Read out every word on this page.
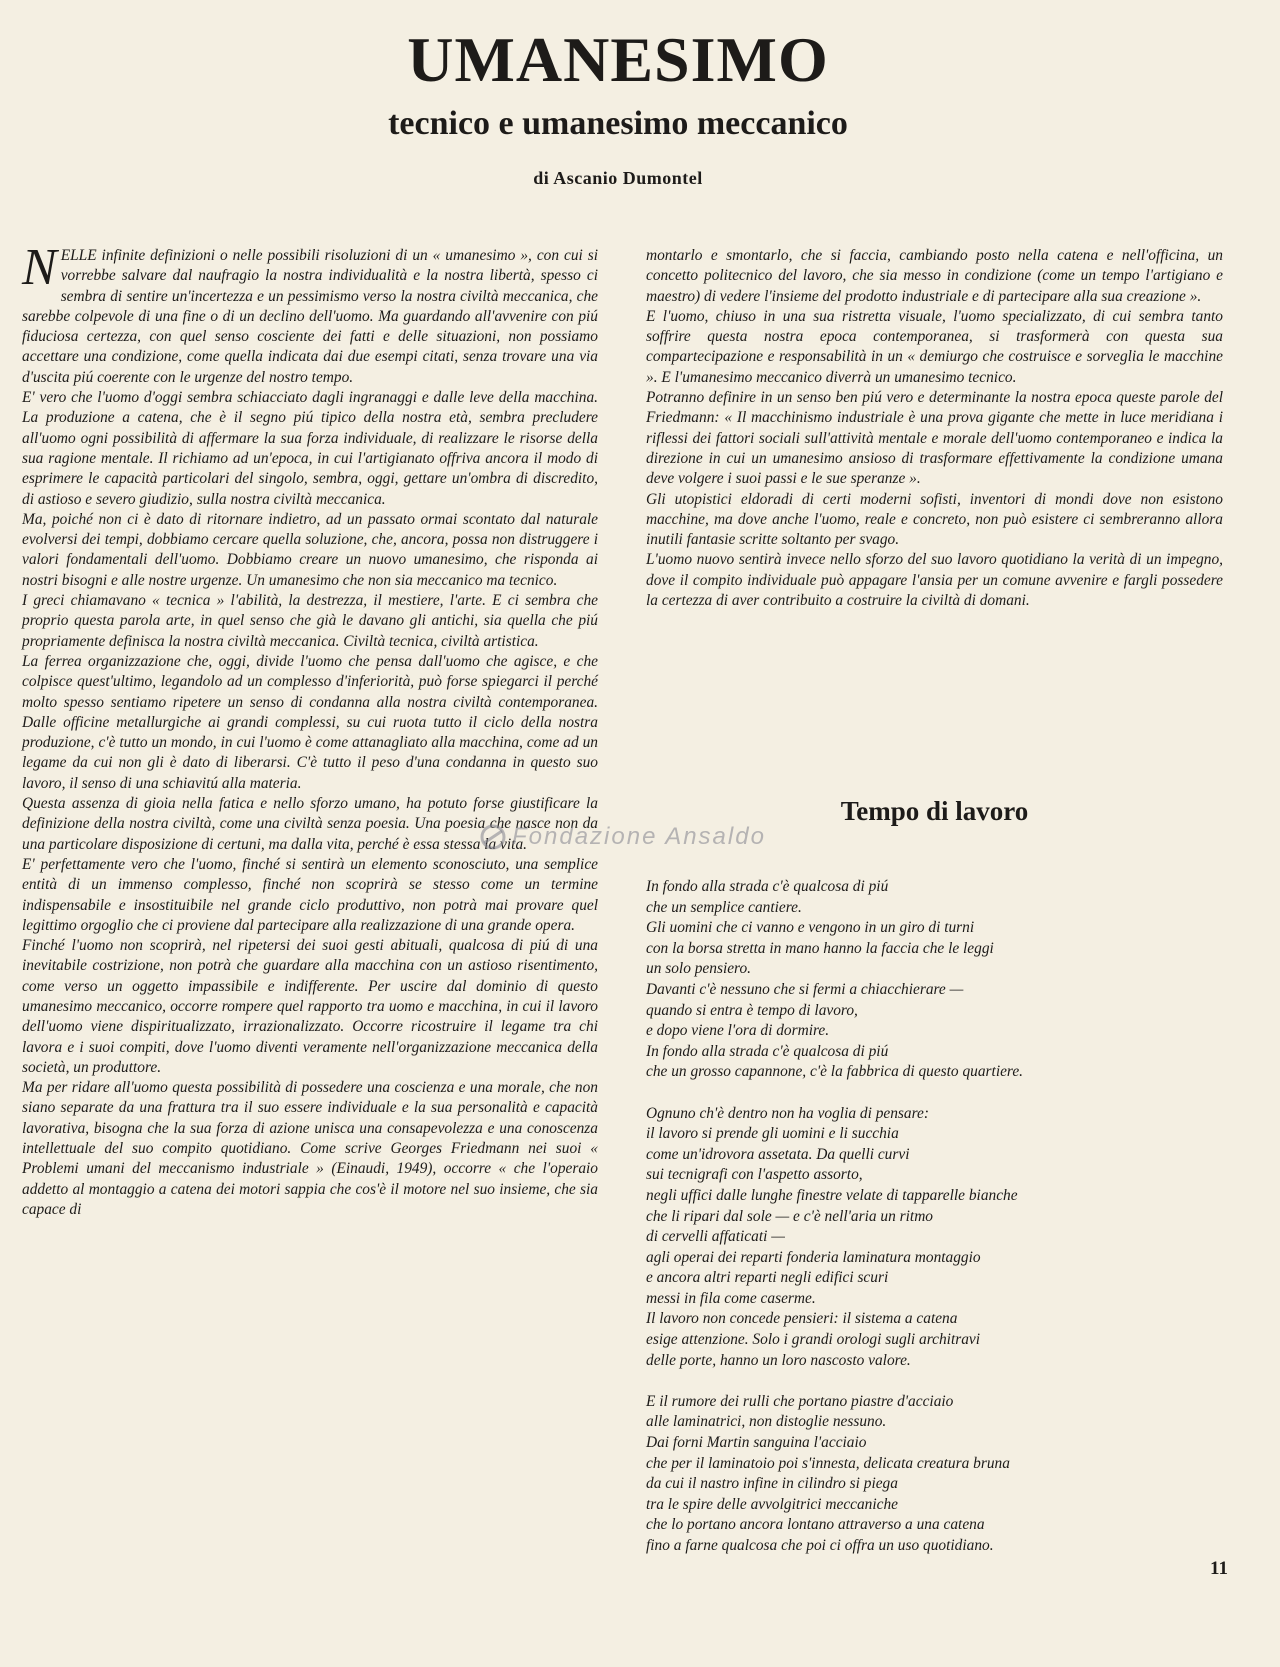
UMANESIMO
tecnico e umanesimo meccanico
di Ascanio Dumontel

NELLE infinite definizioni o nelle possibili risoluzioni di un « umanesimo », con cui si vorrebbe salvare dal naufragio la nostra individualità e la nostra libertà, spesso ci sembra di sentire un'incertezza e un pessimismo verso la nostra civiltà meccanica, che sarebbe colpevole di una fine o di un declino dell'uomo. Ma guardando all'avvenire con piú fiduciosa certezza, con quel senso cosciente dei fatti e delle situazioni, non possiamo accettare una condizione, come quella indicata dai due esempi citati, senza trovare una via d'uscita piú coerente con le urgenze del nostro tempo.

E' vero che l'uomo d'oggi sembra schiacciato dagli ingranaggi e dalle leve della macchina. La produzione a catena, che è il segno piú tipico della nostra età, sembra precludere all'uomo ogni possibilità di affermare la sua forza individuale, di realizzare le risorse della sua ragione mentale. Il richiamo ad un'epoca, in cui l'artigianato offriva ancora il modo di esprimere le capacità particolari del singolo, sembra, oggi, gettare un'ombra di discredito, di astioso e severo giudizio, sulla nostra civiltà meccanica.

Ma, poiché non ci è dato di ritornare indietro, ad un passato ormai scontato dal naturale evolversi dei tempi, dobbiamo cercare quella soluzione, che, ancora, possa non distruggere i valori fondamentali dell'uomo. Dobbiamo creare un nuovo umanesimo, che risponda ai nostri bisogni e alle nostre urgenze. Un umanesimo che non sia meccanico ma tecnico.

I greci chiamavano « tecnica » l'abilità, la destrezza, il mestiere, l'arte. E ci sembra che proprio questa parola arte, in quel senso che già le davano gli antichi, sia quella che piú propriamente definisca la nostra civiltà meccanica. Civiltà tecnica, civiltà artistica.

La ferrea organizzazione che, oggi, divide l'uomo che pensa dall'uomo che agisce, e che colpisce quest'ultimo, legandolo ad un complesso d'inferiorità, può forse spiegarci il perché molto spesso sentiamo ripetere un senso di condanna alla nostra civiltà contemporanea. Dalle officine metallurgiche ai grandi complessi, su cui ruota tutto il ciclo della nostra produzione, c'è tutto un mondo, in cui l'uomo è come attanagliato alla macchina, come ad un legame da cui non gli è dato di liberarsi. C'è tutto il peso d'una condanna in questo suo lavoro, il senso di una schiavitú alla materia.

Questa assenza di gioia nella fatica e nello sforzo umano, ha potuto forse giustificare la definizione della nostra civiltà, come una civiltà senza poesia. Una poesia che nasce non da una particolare disposizione di certuni, ma dalla vita, perché è essa stessa la vita.

E' perfettamente vero che l'uomo, finché si sentirà un elemento sconosciuto, una semplice entità di un immenso complesso, finché non scoprirà se stesso come un termine indispensabile e insostituibile nel grande ciclo produttivo, non potrà mai provare quel legittimo orgoglio che ci proviene dal partecipare alla realizzazione di una grande opera.

Finché l'uomo non scoprirà, nel ripetersi dei suoi gesti abituali, qualcosa di piú di una inevitabile costrizione, non potrà che guardare alla macchina con un astioso risentimento, come verso un oggetto impassibile e indifferente. Per uscire dal dominio di questo umanesimo meccanico, occorre rompere quel rapporto tra uomo e macchina, in cui il lavoro dell'uomo viene dispiritualizzato, irrazionalizzato. Occorre ricostruire il legame tra chi lavora e i suoi compiti, dove l'uomo diventi veramente nell'organizzazione meccanica della società, un produttore.

Ma per ridare all'uomo questa possibilità di possedere una coscienza e una morale, che non siano separate da una frattura tra il suo essere individuale e la sua personalità e capacità lavorativa, bisogna che la sua forza di azione unisca una consapevolezza e una conoscenza intellettuale del suo compito quotidiano. Come scrive Georges Friedmann nei suoi « Problemi umani del meccanismo industriale » (Einaudi, 1949), occorre « che l'operaio addetto al montaggio a catena dei motori sappia che cos'è il motore nel suo insieme, che sia capace di

montarlo e smontarlo, che si faccia, cambiando posto nella catena e nell'officina, un concetto politecnico del lavoro, che sia messo in condizione (come un tempo l'artigiano e maestro) di vedere l'insieme del prodotto industriale e di partecipare alla sua creazione ».

E l'uomo, chiuso in una sua ristretta visuale, l'uomo specializzato, di cui sembra tanto soffrire questa nostra epoca contemporanea, si trasformerà con questa sua compartecipazione e responsabilità in un « demiurgo che costruisce e sorveglia le macchine ». E l'umanesimo meccanico diverrà un umanesimo tecnico.

Potranno definire in un senso ben piú vero e determinante la nostra epoca queste parole del Friedmann: « Il macchinismo industriale è una prova gigante che mette in luce meridiana i riflessi dei fattori sociali sull'attività mentale e morale dell'uomo contemporaneo e indica la direzione in cui un umanesimo ansioso di trasformare effettivamente la condizione umana deve volgere i suoi passi e le sue speranze ».

Gli utopistici eldoradi di certi moderni sofisti, inventori di mondi dove non esistono macchine, ma dove anche l'uomo, reale e concreto, non può esistere ci sembreranno allora inutili fantasie scritte soltanto per svago.

L'uomo nuovo sentirà invece nello sforzo del suo lavoro quotidiano la verità di un impegno, dove il compito individuale può appagare l'ansia per un comune avvenire e fargli possedere la certezza di aver contribuito a costruire la civiltà di domani.

Tempo di lavoro
In fondo alla strada c'è qualcosa di piú
che un semplice cantiere.
Gli uomini che ci vanno e vengono in un giro di turni
con la borsa stretta in mano hanno la faccia che le leggi
un solo pensiero.
Davanti c'è nessuno che si fermi a chiacchierare —
quando si entra è tempo di lavoro,
e dopo viene l'ora di dormire.
In fondo alla strada c'è qualcosa di piú
che un grosso capannone, c'è la fabbrica di questo quartiere.
Ognuno ch'è dentro non ha voglia di pensare:
il lavoro si prende gli uomini e li succhia
come un'idrovora assetata. Da quelli curvi
sui tecnigrafi con l'aspetto assorto,
negli uffici dalle lunghe finestre velate di tapparelle bianche
che li ripari dal sole — e c'è nell'aria un ritmo
di cervelli affaticati —
agli operai dei reparti fonderia laminatura montaggio
e ancora altri reparti negli edifici scuri
messi in fila come caserme.
Il lavoro non concede pensieri: il sistema a catena
esige attenzione. Solo i grandi orologi sugli architravi
delle porte, hanno un loro nascosto valore.
E il rumore dei rulli che portano piastre d'acciaio
alle laminatrici, non distoglie nessuno.
Dai forni Martin sanguina l'acciaio
che per il laminatoio poi s'innesta, delicata creatura bruna
da cui il nastro infine in cilindro si piega
tra le spire delle avvolgitrici meccaniche
che lo portano ancora lontano attraverso a una catena
fino a farne qualcosa che poi ci offra un uso quotidiano.
Fondazione Ansaldo
11
